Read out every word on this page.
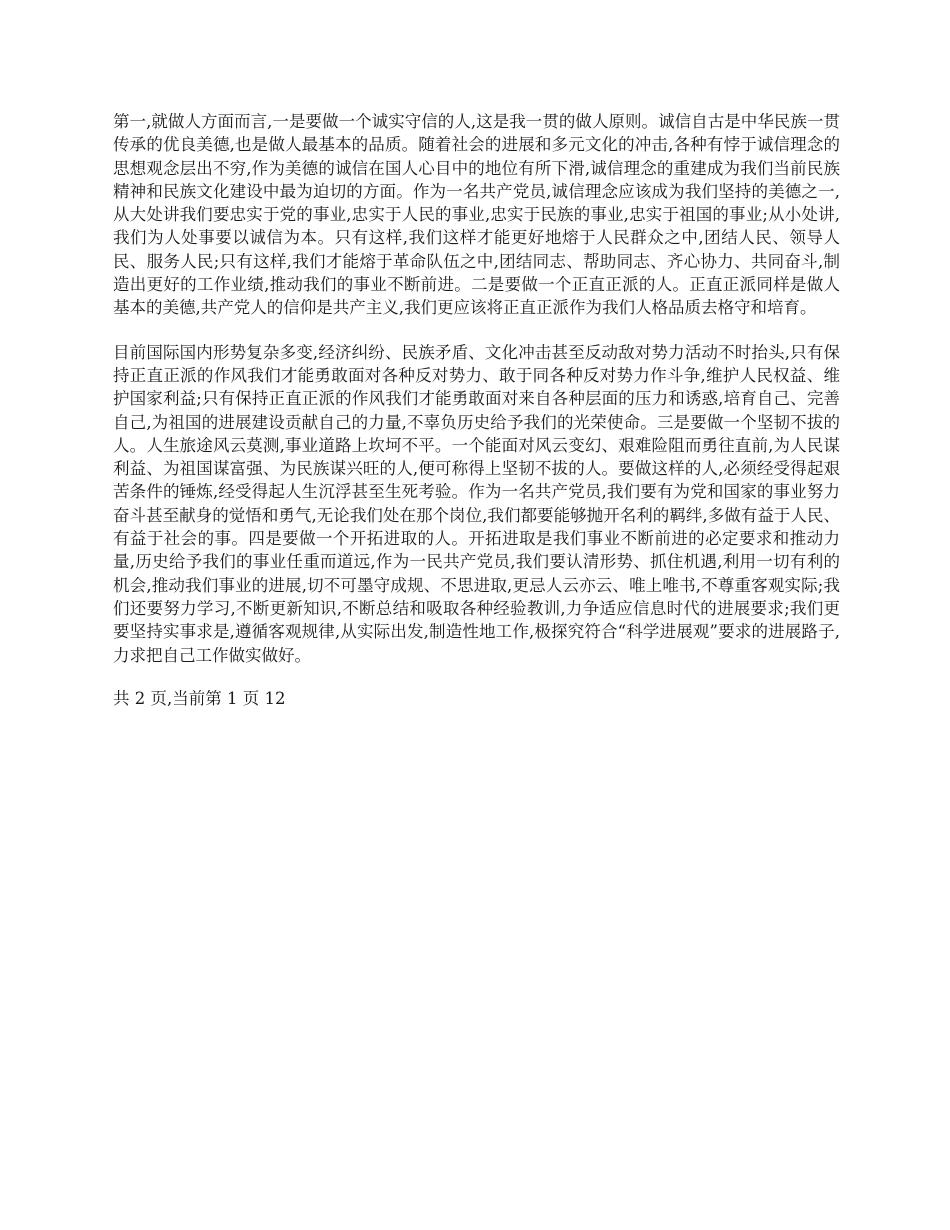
第一,就做人方面而言,一是要做一个诚实守信的人,这是我一贯的做人原则。诚信自古是中华民族一贯传承的优良美德,也是做人最基本的品质。随着社会的进展和多元文化的冲击,各种有悖于诚信理念的思想观念层出不穷,作为美德的诚信在国人心目中的地位有所下滑,诚信理念的重建成为我们当前民族精神和民族文化建设中最为迫切的方面。作为一名共产党员,诚信理念应该成为我们坚持的美德之一,从大处讲我们要忠实于党的事业,忠实于人民的事业,忠实于民族的事业,忠实于祖国的事业;从小处讲,我们为人处事要以诚信为本。只有这样,我们这样才能更好地熔于人民群众之中,团结人民、领导人民、服务人民;只有这样,我们才能熔于革命队伍之中,团结同志、帮助同志、齐心协力、共同奋斗,制造出更好的工作业绩,推动我们的事业不断前进。二是要做一个正直正派的人。正直正派同样是做人基本的美德,共产党人的信仰是共产主义,我们更应该将正直正派作为我们人格品质去格守和培育。

目前国际国内形势复杂多变,经济纠纷、民族矛盾、文化冲击甚至反动敌对势力活动不时抬头,只有保持正直正派的作风我们才能勇敢面对各种反对势力、敢于同各种反对势力作斗争,维护人民权益、维护国家利益;只有保持正直正派的作风我们才能勇敢面对来自各种层面的压力和诱惑,培育自己、完善自己,为祖国的进展建设贡献自己的力量,不辜负历史给予我们的光荣使命。三是要做一个坚韧不拔的人。人生旅途风云莫测,事业道路上坎坷不平。一个能面对风云变幻、艰难险阻而勇往直前,为人民谋利益、为祖国谋富强、为民族谋兴旺的人,便可称得上坚韧不拔的人。要做这样的人,必须经受得起艰苦条件的锤炼,经受得起人生沉浮甚至生死考验。作为一名共产党员,我们要有为党和国家的事业努力奋斗甚至献身的觉悟和勇气,无论我们处在那个岗位,我们都要能够抛开名利的羁绊,多做有益于人民、有益于社会的事。四是要做一个开拓进取的人。开拓进取是我们事业不断前进的必定要求和推动力量,历史给予我们的事业任重而道远,作为一民共产党员,我们要认清形势、抓住机遇,利用一切有利的机会,推动我们事业的进展,切不可墨守成规、不思进取,更忌人云亦云、唯上唯书,不尊重客观实际;我们还要努力学习,不断更新知识,不断总结和吸取各种经验教训,力争适应信息时代的进展要求;我们更要坚持实事求是,遵循客观规律,从实际出发,制造性地工作,极探究符合“科学进展观”要求的进展路子,力求把自己工作做实做好。

共 2 页,当前第 1 页 12
